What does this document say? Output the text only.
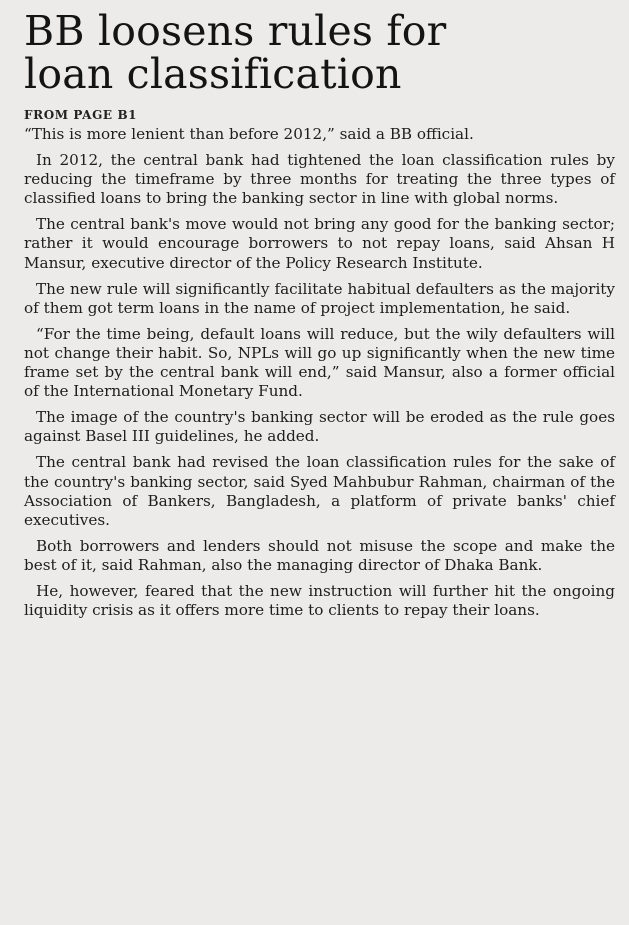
BB loosens rules for
loan classification
FROM PAGE B1

“This is more lenient than before 2012,” said a BB official.

In 2012, the central bank had tightened the loan classification rules by reducing the timeframe by three months for treating the three types of classified loans to bring the banking sector in line with global norms.

The central bank's move would not bring any good for the banking sector; rather it would encourage borrowers to not repay loans, said Ahsan H Mansur, executive director of the Policy Research Institute.

The new rule will significantly facilitate habitual defaulters as the majority of them got term loans in the name of project implementation, he said.

“For the time being, default loans will reduce, but the wily defaulters will not change their habit. So, NPLs will go up significantly when the new time frame set by the central bank will end,” said Mansur, also a former official of the International Monetary Fund.

The image of the country's banking sector will be eroded as the rule goes against Basel III guidelines, he added.

The central bank had revised the loan classification rules for the sake of the country's banking sector, said Syed Mahbubur Rahman, chairman of the Association of Bankers, Bangladesh, a platform of private banks' chief executives.

Both borrowers and lenders should not misuse the scope and make the best of it, said Rahman, also the managing director of Dhaka Bank.

He, however, feared that the new instruction will further hit the ongoing liquidity crisis as it offers more time to clients to repay their loans.
